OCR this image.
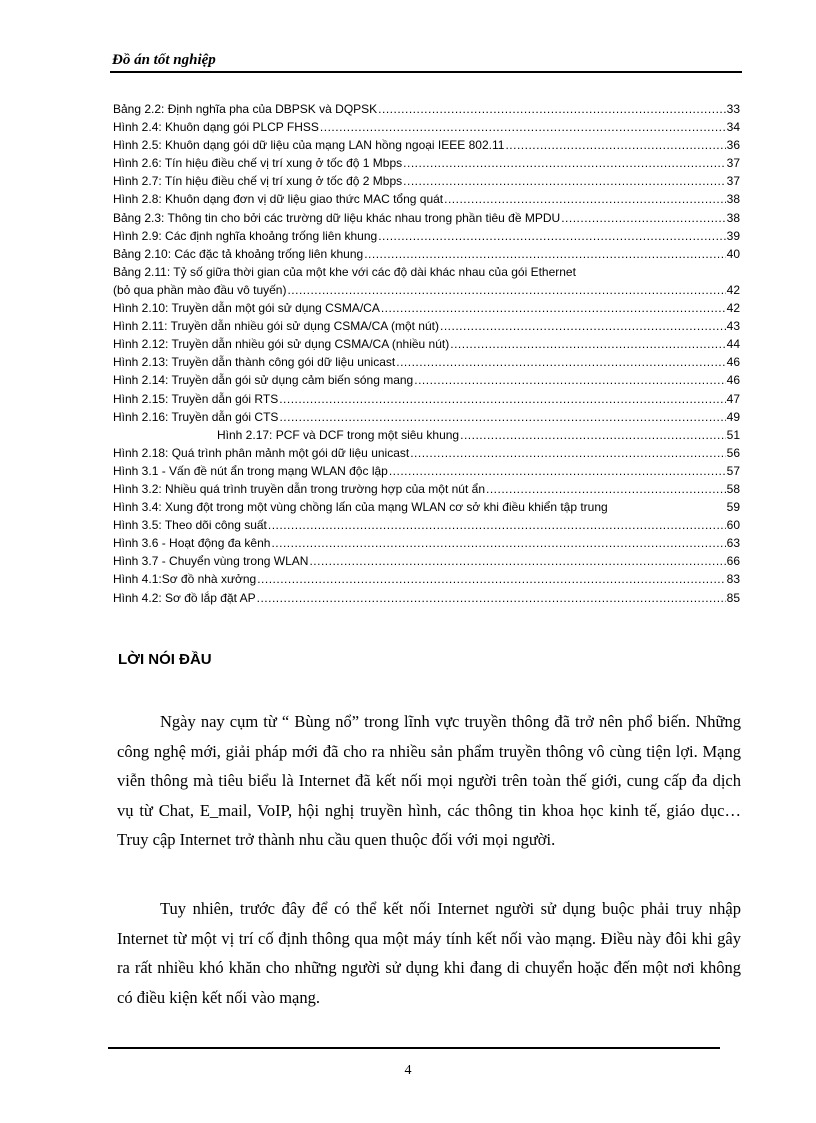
Đồ án tốt nghiệp
Bảng 2.2: Định nghĩa pha của DBPSK và DQPSK .....	33
Hình 2.4: Khuôn dạng gói PLCP FHSS .....	34
Hình 2.5: Khuôn dạng gói dữ liệu của mạng LAN hồng ngoại IEEE 802.11 .....	36
Hình 2.6: Tín hiệu điều chế vị trí xung ở tốc độ 1 Mbps .....	37
Hình 2.7: Tín hiệu điều chế vị trí xung ở tốc độ 2 Mbps .....	37
Hình 2.8: Khuôn dạng đơn vị dữ liệu giao thức MAC tổng quát .....	38
Bảng 2.3: Thông tin cho bởi các trường dữ liệu khác nhau trong phần tiêu đề MPDU .....	38
Hình 2.9: Các định nghĩa khoảng trống liên khung .....	39
Bảng 2.10: Các đặc tả khoảng trống liên khung .....	40
Bảng 2.11: Tỷ số giữa thời gian của một khe với các độ dài khác nhau của gói Ethernet
(bỏ qua phần mào đầu vô tuyến) .....	42
Hình 2.10: Truyền dẫn một gói sử dụng CSMA/CA .....	42
Hình 2.11: Truyền dẫn nhiều gói sử dụng CSMA/CA (một nút) .....	43
Hình 2.12: Truyền dẫn nhiều gói sử dụng CSMA/CA (nhiều nút) .....	44
Hình 2.13: Truyền dẫn thành công gói dữ liệu unicast .....	46
Hình 2.14: Truyền dẫn gói sử dụng cảm biến sóng mang .....	46
Hình 2.15: Truyền dẫn gói RTS .....	47
Hình 2.16: Truyền dẫn gói CTS .....	49
Hình 2.17: PCF và DCF trong một siêu khung .....	51
Hình 2.18: Quá trình phân mảnh một gói dữ liệu unicast .....	56
Hình 3.1 - Vấn đề nút ẩn trong mạng WLAN độc lập .....	57
Hình 3.2: Nhiều quá trình truyền dẫn trong trường hợp của một nút ẩn .....	58
Hình 3.4: Xung đột trong một vùng chồng lấn của mạng WLAN cơ sở khi điều khiển tập trung	59
Hình 3.5: Theo dõi công suất .....	60
Hình 3.6 - Hoạt động đa kênh .....	63
Hình 3.7 - Chuyển vùng trong WLAN .....	66
Hình 4.1:Sơ đồ nhà xưởng .....	83
Hình 4.2: Sơ đồ lắp đặt AP .....	85
LỜI NÓI ĐẦU

Ngày nay cụm từ “ Bùng nổ” trong lĩnh vực truyền thông đã trở nên phổ biến. Những công nghệ mới, giải pháp mới đã cho ra nhiều sản phẩm truyền thông vô cùng tiện lợi. Mạng viễn thông mà tiêu biểu là Internet đã kết nối mọi người trên toàn thế giới, cung cấp đa dịch vụ từ Chat, E_mail, VoIP, hội nghị truyền hình, các thông tin khoa học kinh tế, giáo dục… Truy cập Internet trở thành nhu cầu quen thuộc đối với mọi người.

Tuy nhiên, trước đây để có thể kết nối Internet người sử dụng buộc phải truy nhập Internet từ một vị trí cố định thông qua một máy tính kết nối vào mạng. Điều này đôi khi gây ra rất nhiều khó khăn cho những người sử dụng khi đang di chuyển hoặc đến một nơi không có điều kiện kết nối vào mạng.

4
